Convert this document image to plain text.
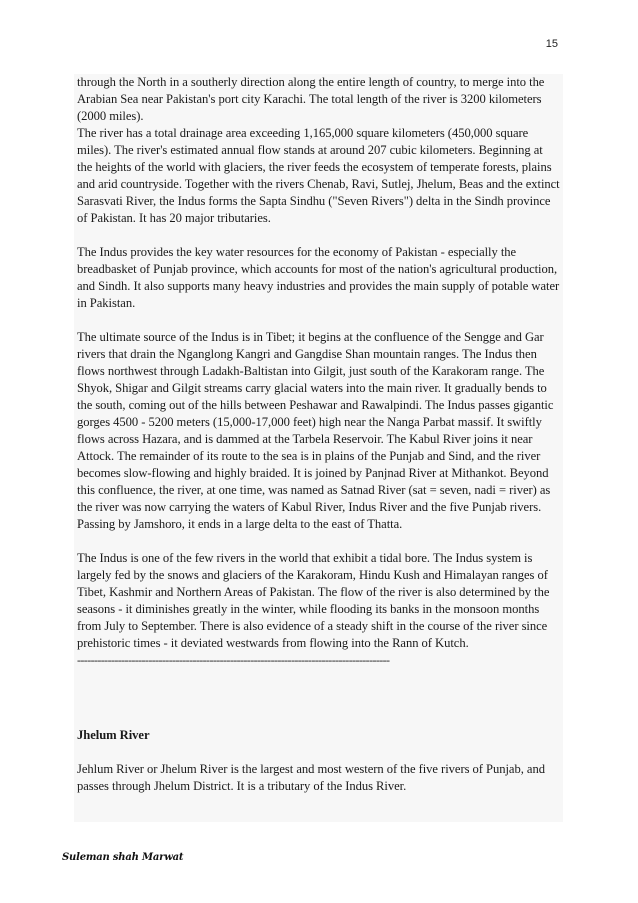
15

through the North in a southerly direction along the entire length of country, to merge into the Arabian Sea near Pakistan's port city Karachi. The total length of the river is 3200 kilometers (2000 miles).

The river has a total drainage area exceeding 1,165,000 square kilometers (450,000 square miles). The river's estimated annual flow stands at around 207 cubic kilometers. Beginning at the heights of the world with glaciers, the river feeds the ecosystem of temperate forests, plains and arid countryside. Together with the rivers Chenab, Ravi, Sutlej, Jhelum, Beas and the extinct Sarasvati River, the Indus forms the Sapta Sindhu ("Seven Rivers") delta in the Sindh province of Pakistan. It has 20 major tributaries.

The Indus provides the key water resources for the economy of Pakistan - especially the breadbasket of Punjab province, which accounts for most of the nation's agricultural production, and Sindh. It also supports many heavy industries and provides the main supply of potable water in Pakistan.

The ultimate source of the Indus is in Tibet; it begins at the confluence of the Sengge and Gar rivers that drain the Nganglong Kangri and Gangdise Shan mountain ranges. The Indus then flows northwest through Ladakh-Baltistan into Gilgit, just south of the Karakoram range. The Shyok, Shigar and Gilgit streams carry glacial waters into the main river. It gradually bends to the south, coming out of the hills between Peshawar and Rawalpindi. The Indus passes gigantic gorges 4500 - 5200 meters (15,000-17,000 feet) high near the Nanga Parbat massif. It swiftly flows across Hazara, and is dammed at the Tarbela Reservoir. The Kabul River joins it near Attock. The remainder of its route to the sea is in plains of the Punjab and Sind, and the river becomes slow-flowing and highly braided. It is joined by Panjnad River at Mithankot. Beyond this confluence, the river, at one time, was named as Satnad River (sat = seven, nadi = river) as the river was now carrying the waters of Kabul River, Indus River and the five Punjab rivers. Passing by Jamshoro, it ends in a large delta to the east of Thatta.

The Indus is one of the few rivers in the world that exhibit a tidal bore. The Indus system is largely fed by the snows and glaciers of the Karakoram, Hindu Kush and Himalayan ranges of Tibet, Kashmir and Northern Areas of Pakistan. The flow of the river is also determined by the seasons - it diminishes greatly in the winter, while flooding its banks in the monsoon months from July to September. There is also evidence of a steady shift in the course of the river since prehistoric times - it deviated westwards from flowing into the Rann of Kutch.

--------------------------------------------------------------------------------------------

Jhelum River

Jehlum River or Jhelum River is the largest and most western of the five rivers of Punjab, and passes through Jhelum District. It is a tributary of the Indus River.

Suleman shah Marwat
